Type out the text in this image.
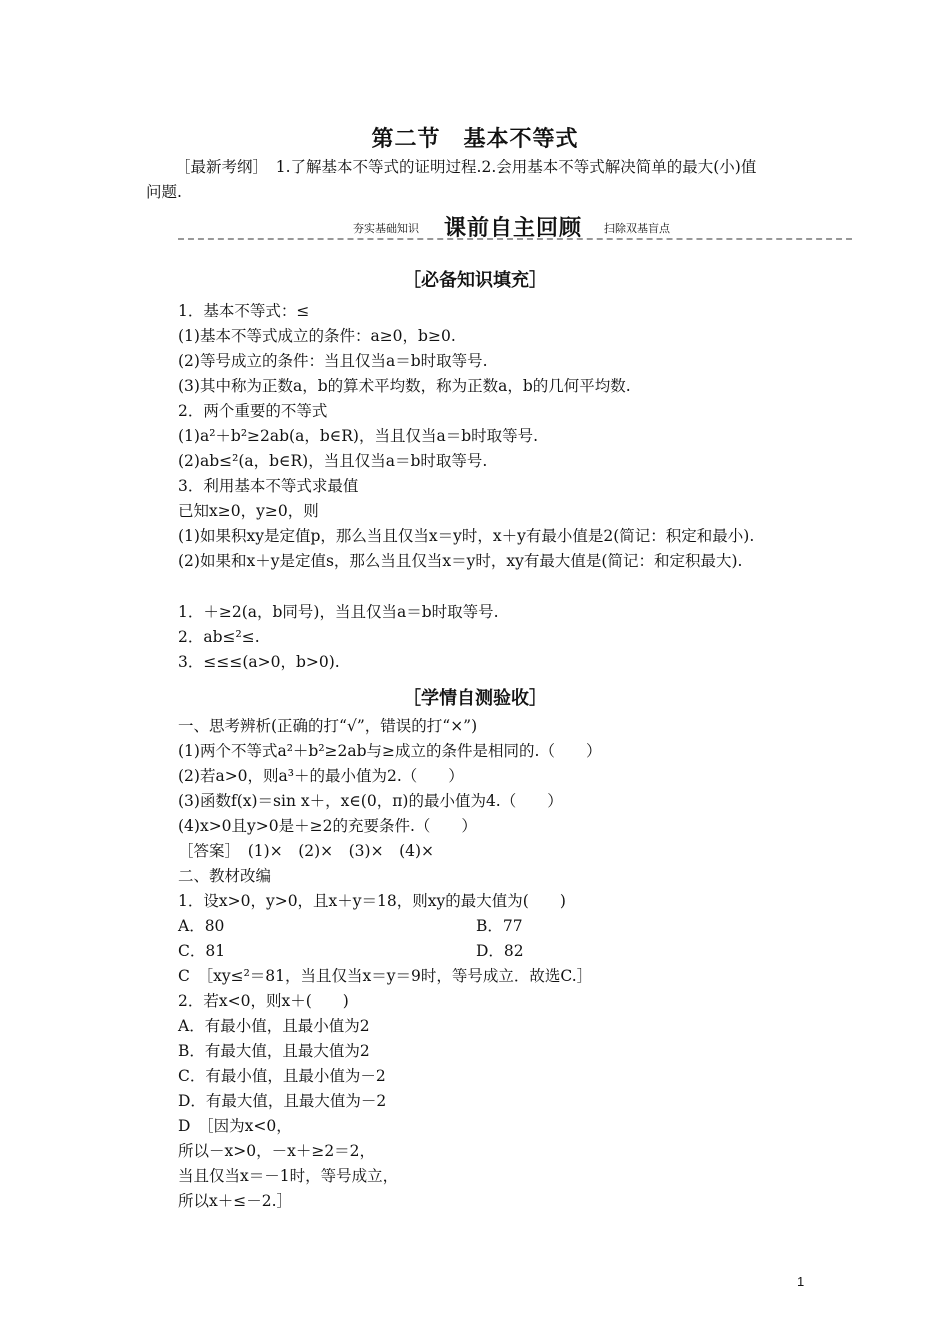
第二节　基本不等式
［最新考纲］　1.了解基本不等式的证明过程.2.会用基本不等式解决简单的最大(小)值
问题.
夯实基础知识 课前自主回顾 扫除双基盲点
［必备知识填充］
1．基本不等式：≤
(1)基本不等式成立的条件：a≥0，b≥0.
(2)等号成立的条件：当且仅当a＝b时取等号.
(3)其中称为正数a，b的算术平均数，称为正数a，b的几何平均数.
2．两个重要的不等式
(1)a²＋b²≥2ab(a，b∈R)，当且仅当a＝b时取等号.
(2)ab≤²(a，b∈R)，当且仅当a＝b时取等号.
3．利用基本不等式求最值
已知x≥0，y≥0，则
(1)如果积xy是定值p，那么当且仅当x＝y时，x＋y有最小值是2(简记：积定和最小).
(2)如果和x＋y是定值s，那么当且仅当x＝y时，xy有最大值是(简记：和定积最大).
1．＋≥2(a，b同号)，当且仅当a＝b时取等号.
2．ab≤²≤.
3．≤≤≤(a>0，b>0).
［学情自测验收］
一、思考辨析(正确的打“√”，错误的打“×”)
(1)两个不等式a²＋b²≥2ab与≥成立的条件是相同的.（　　）
(2)若a>0，则a³＋的最小值为2.（　　）
(3)函数f(x)＝sin x＋，x∈(0，π)的最小值为4.（　　）
(4)x>0且y>0是＋≥2的充要条件.（　　）
［答案］　(1)×　(2)×　(3)×　(4)×
二、教材改编
1．设x>0，y>0，且x＋y＝18，则xy的最大值为(　　)
A．80	B．77
C．81	D．82
C　［xy≤²＝81，当且仅当x＝y＝9时，等号成立．故选C.］
2．若x<0，则x＋(　　)
A．有最小值，且最小值为2
B．有最大值，且最大值为2
C．有最小值，且最小值为－2
D．有最大值，且最大值为－2
D　［因为x<0，
所以－x>0，－x＋≥2＝2，
当且仅当x＝－1时，等号成立，
所以x＋≤－2.］
1
